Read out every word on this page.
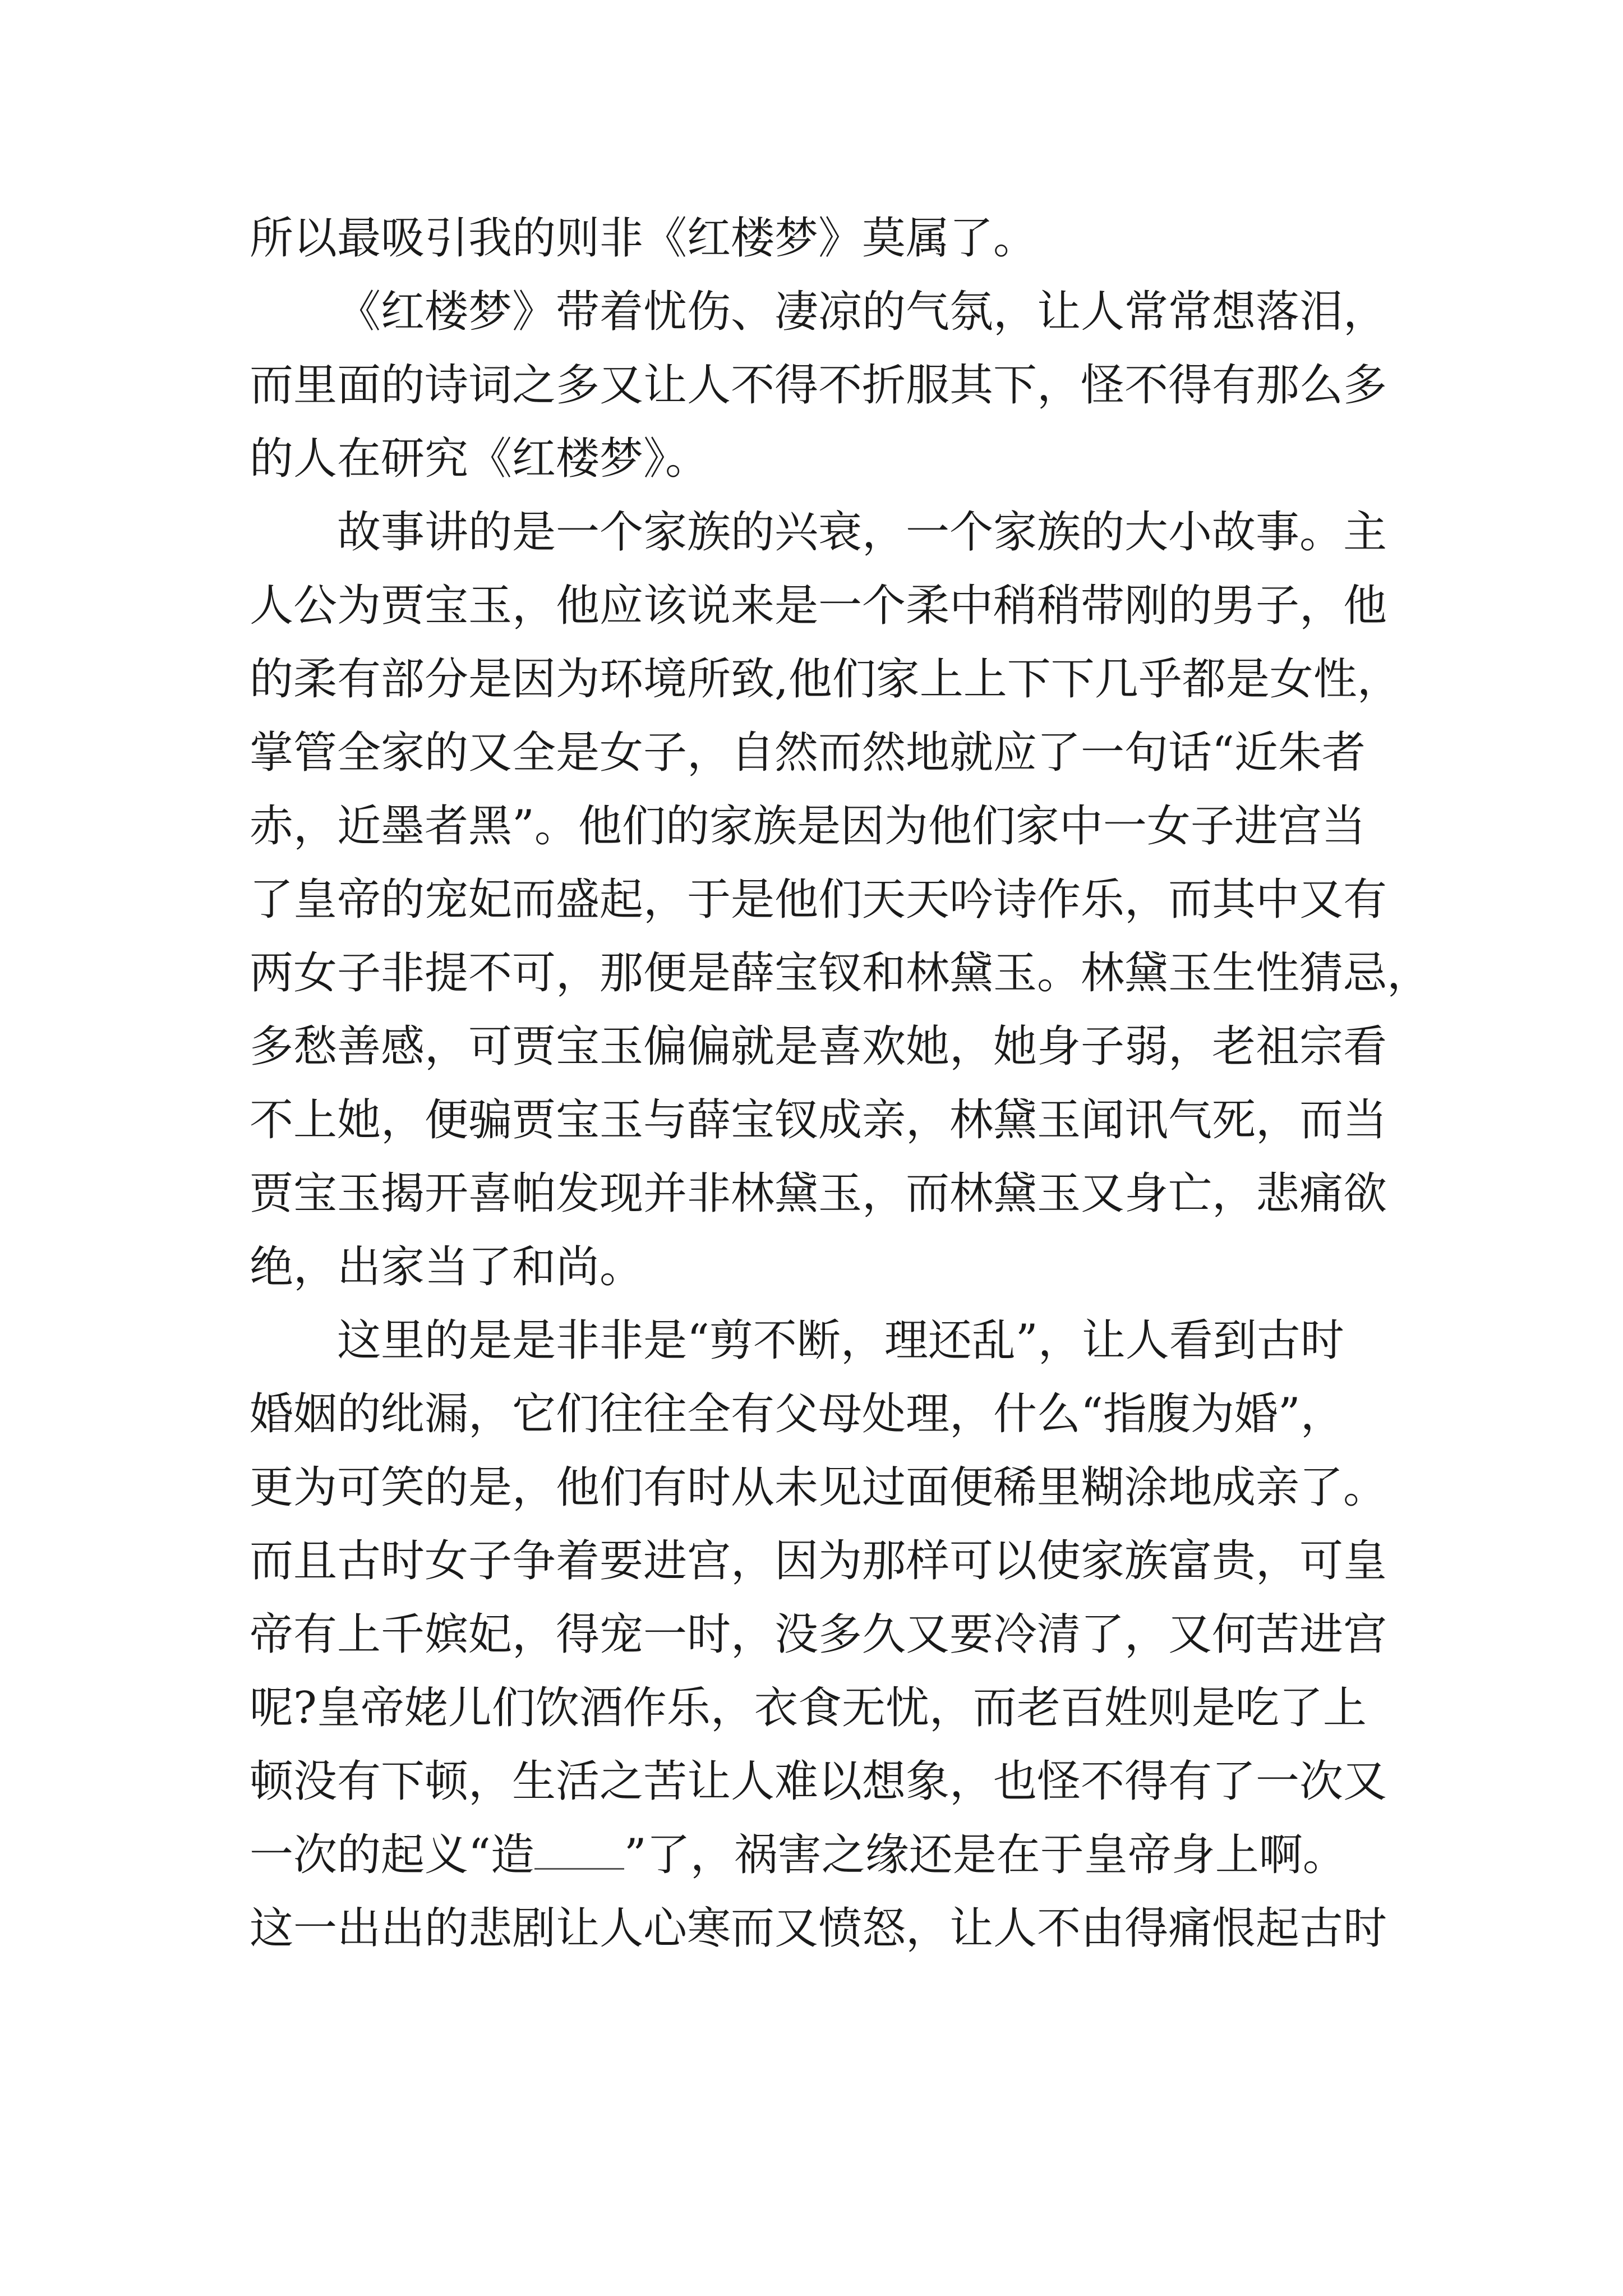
所以最吸引我的则非《红楼梦》莫属了。
《红楼梦》带着忧伤、凄凉的气氛，让人常常想落泪，
而里面的诗词之多又让人不得不折服其下，怪不得有那么多
的人在研究《红楼梦》。
故事讲的是一个家族的兴衰，一个家族的大小故事。主
人公为贾宝玉，他应该说来是一个柔中稍稍带刚的男子，他
的柔有部分是因为环境所致,他们家上上下下几乎都是女性，
掌管全家的又全是女子，自然而然地就应了一句话“近朱者
赤，近墨者黑”。他们的家族是因为他们家中一女子进宫当
了皇帝的宠妃而盛起，于是他们天天吟诗作乐，而其中又有
两女子非提不可，那便是薛宝钗和林黛玉。林黛玉生性猜忌，
多愁善感，可贾宝玉偏偏就是喜欢她，她身子弱，老祖宗看
不上她，便骗贾宝玉与薛宝钗成亲，林黛玉闻讯气死，而当
贾宝玉揭开喜帕发现并非林黛玉，而林黛玉又身亡，悲痛欲
绝，出家当了和尚。
这里的是是非非是“剪不断，理还乱”，让人看到古时
婚姻的纰漏，它们往往全有父母处理，什么“指腹为婚”，
更为可笑的是，他们有时从未见过面便稀里糊涂地成亲了。
而且古时女子争着要进宫，因为那样可以使家族富贵，可皇
帝有上千嫔妃，得宠一时，没多久又要冷清了，又何苦进宫
呢?皇帝姥儿们饮酒作乐，衣食无忧，而老百姓则是吃了上
顿没有下顿，生活之苦让人难以想象，也怪不得有了一次又
一次的起义“造 ”了，祸害之缘还是在于皇帝身上啊。
这一出出的悲剧让人心寒而又愤怒，让人不由得痛恨起古时
